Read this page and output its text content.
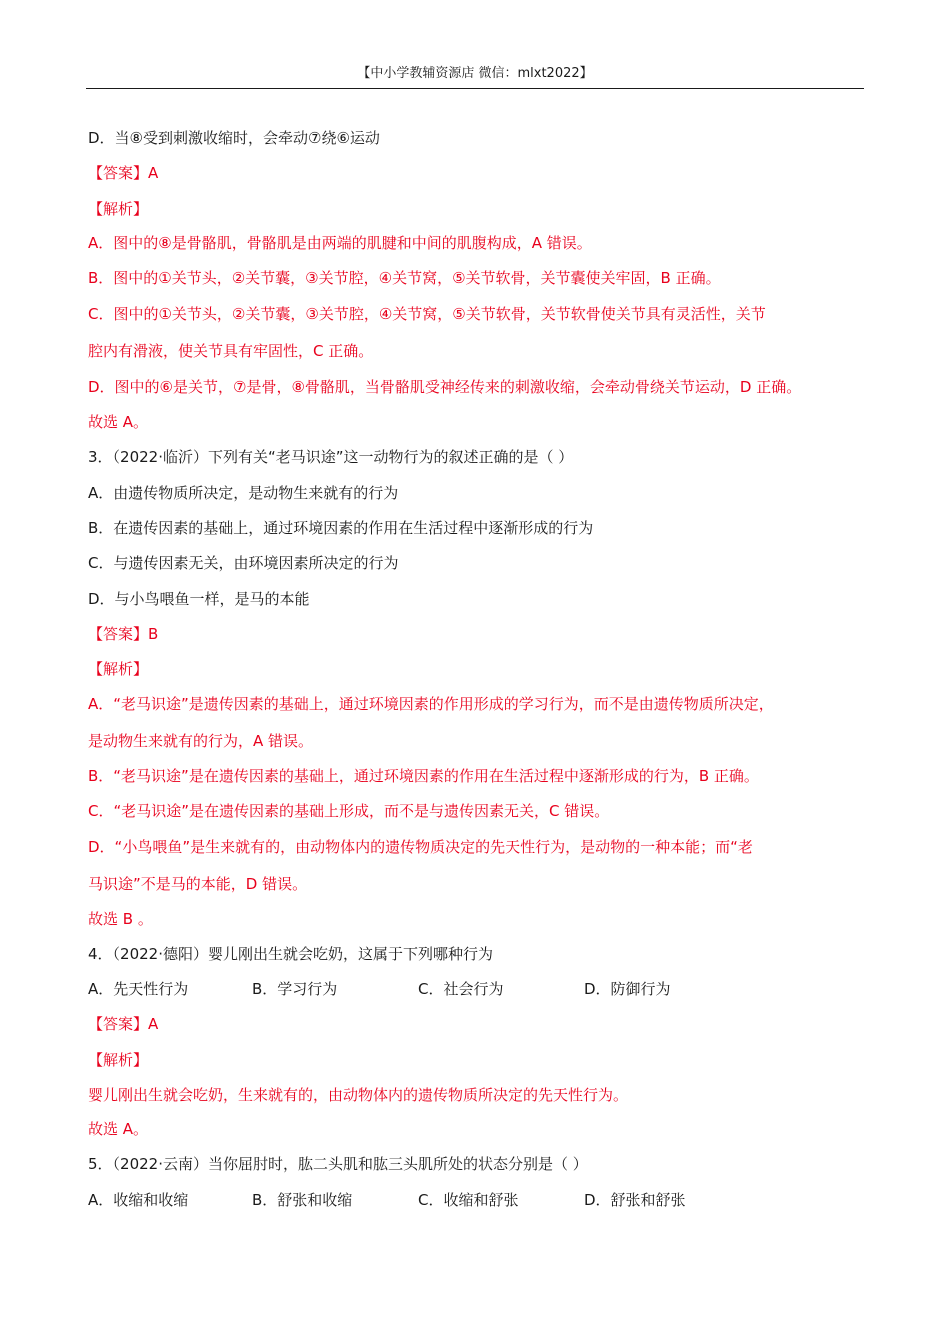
【中小学教辅资源店 微信：mlxt2022】
D．当⑧受到刺激收缩时，会牵动⑦绕⑥运动
【答案】A
【解析】
A．图中的⑧是骨骼肌，骨骼肌是由两端的肌腱和中间的肌腹构成，A 错误。
B．图中的①关节头，②关节囊，③关节腔，④关节窝，⑤关节软骨，关节囊使关牢固，B 正确。
C．图中的①关节头，②关节囊，③关节腔，④关节窝，⑤关节软骨，关节软骨使关节具有灵活性，关节
腔内有滑液，使关节具有牢固性，C 正确。
D．图中的⑥是关节，⑦是骨，⑧骨骼肌，当骨骼肌受神经传来的刺激收缩，会牵动骨绕关节运动，D 正确。
故选 A。
3．（2022·临沂）下列有关“老马识途”这一动物行为的叙述正确的是（ ）
A．由遗传物质所决定，是动物生来就有的行为
B．在遗传因素的基础上，通过环境因素的作用在生活过程中逐渐形成的行为
C．与遗传因素无关，由环境因素所决定的行为
D．与小鸟喂鱼一样，是马的本能
【答案】B
【解析】
A．“老马识途”是遗传因素的基础上，通过环境因素的作用形成的学习行为，而不是由遗传物质所决定，
是动物生来就有的行为，A 错误。
B．“老马识途”是在遗传因素的基础上，通过环境因素的作用在生活过程中逐渐形成的行为，B 正确。
C．“老马识途”是在遗传因素的基础上形成，而不是与遗传因素无关，C 错误。
D．“小鸟喂鱼”是生来就有的，由动物体内的遗传物质决定的先天性行为，是动物的一种本能；而“老
马识途”不是马的本能，D 错误。
故选 B 。
4．（2022·德阳）婴儿刚出生就会吃奶，这属于下列哪种行为
A．先天性行为	B．学习行为	C．社会行为	D．防御行为
【答案】A
【解析】
婴儿刚出生就会吃奶，生来就有的，由动物体内的遗传物质所决定的先天性行为。
故选 A。
5．（2022·云南）当你屈肘时，肱二头肌和肱三头肌所处的状态分别是（ ）
A．收缩和收缩	B．舒张和收缩	C．收缩和舒张	D．舒张和舒张
